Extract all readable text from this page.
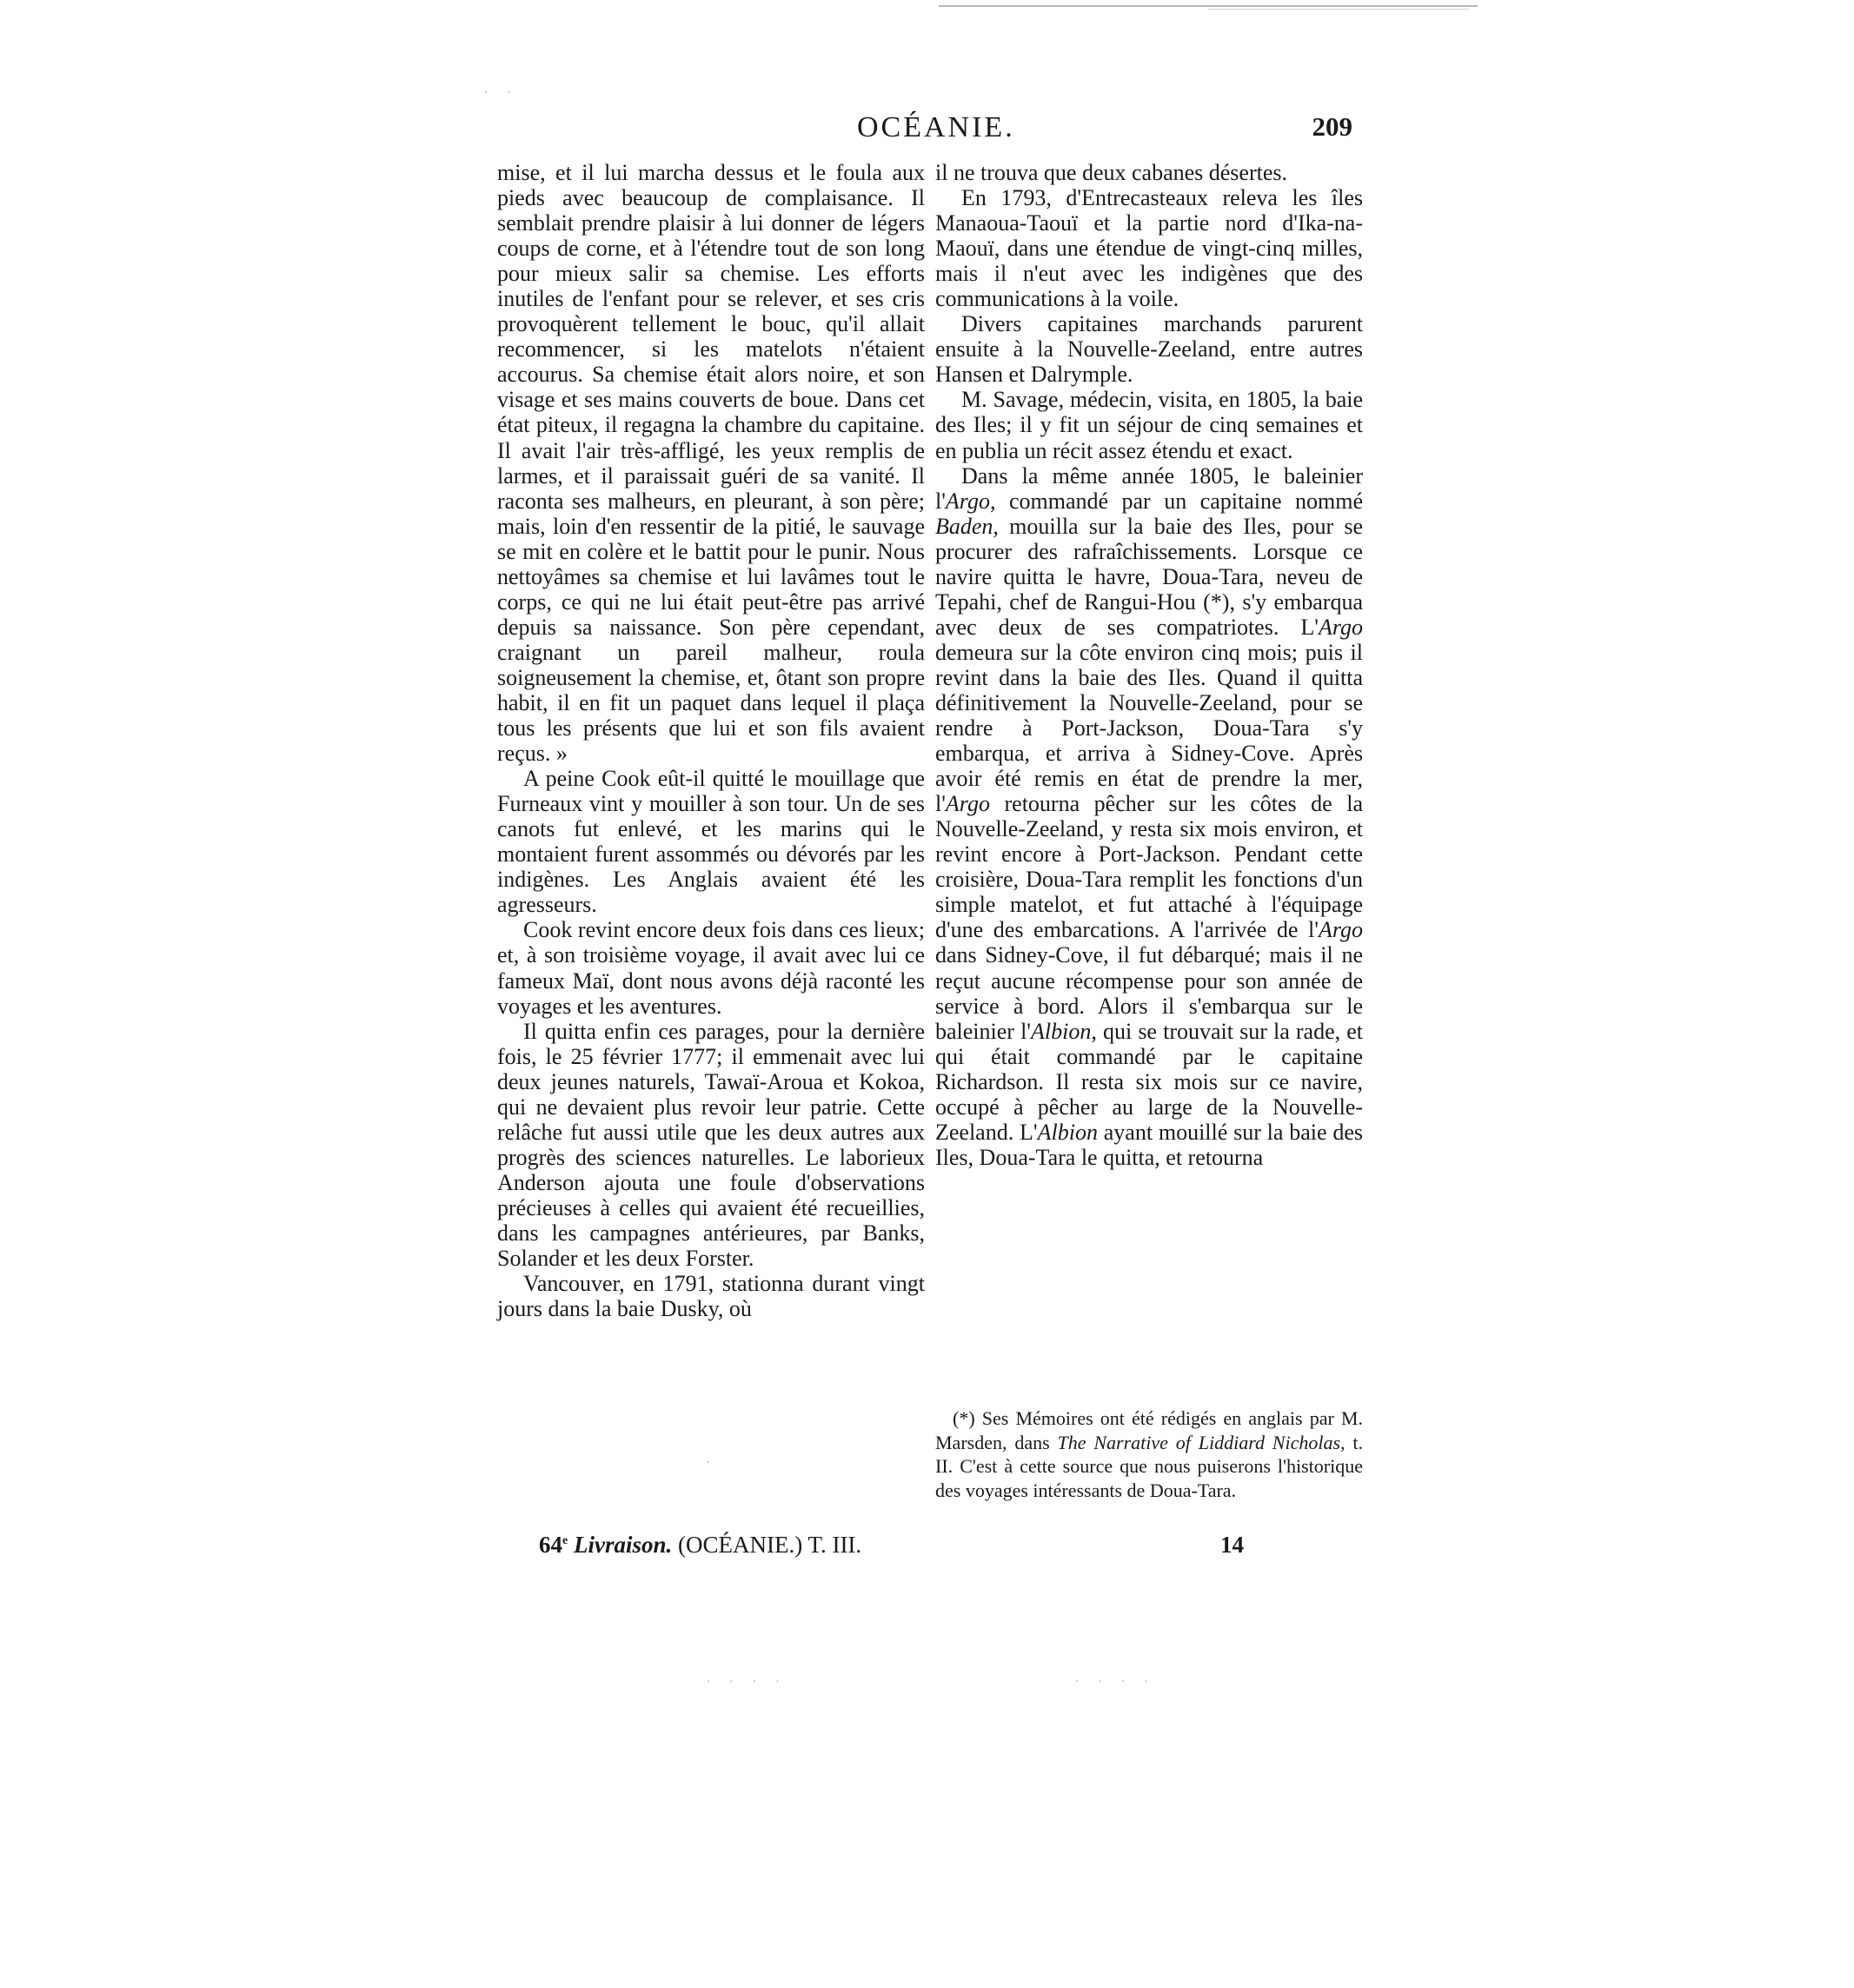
· ·
·
· · · ·	· · · ·
OCÉANIE.	209

mise, et il lui marcha dessus et le foula aux pieds avec beaucoup de complaisance. Il semblait prendre plaisir à lui donner de légers coups de corne, et à l'étendre tout de son long pour mieux salir sa chemise. Les efforts inutiles de l'enfant pour se relever, et ses cris provoquèrent tellement le bouc, qu'il allait recommencer, si les matelots n'étaient accourus. Sa chemise était alors noire, et son visage et ses mains couverts de boue. Dans cet état piteux, il regagna la chambre du capitaine. Il avait l'air très-affligé, les yeux remplis de larmes, et il paraissait guéri de sa vanité. Il raconta ses malheurs, en pleurant, à son père; mais, loin d'en ressentir de la pitié, le sauvage se mit en colère et le battit pour le punir. Nous nettoyâmes sa chemise et lui lavâmes tout le corps, ce qui ne lui était peut-être pas arrivé depuis sa naissance. Son père cependant, craignant un pareil malheur, roula soigneusement la chemise, et, ôtant son propre habit, il en fit un paquet dans lequel il plaça tous les présents que lui et son fils avaient reçus. »

A peine Cook eût-il quitté le mouillage que Furneaux vint y mouiller à son tour. Un de ses canots fut enlevé, et les marins qui le montaient furent assommés ou dévorés par les indigènes. Les Anglais avaient été les agresseurs.

Cook revint encore deux fois dans ces lieux; et, à son troisième voyage, il avait avec lui ce fameux Maï, dont nous avons déjà raconté les voyages et les aventures.

Il quitta enfin ces parages, pour la dernière fois, le 25 février 1777; il emmenait avec lui deux jeunes naturels, Tawaï-Aroua et Kokoa, qui ne devaient plus revoir leur patrie. Cette relâche fut aussi utile que les deux autres aux progrès des sciences naturelles. Le laborieux Anderson ajouta une foule d'observations précieuses à celles qui avaient été recueillies, dans les campagnes antérieures, par Banks, Solander et les deux Forster.

Vancouver, en 1791, stationna durant vingt jours dans la baie Dusky, où

il ne trouva que deux cabanes désertes.

En 1793, d'Entrecasteaux releva les îles Manaoua-Taouï et la partie nord d'Ika-na-Maouï, dans une étendue de vingt-cinq milles, mais il n'eut avec les indigènes que des communications à la voile.

Divers capitaines marchands parurent ensuite à la Nouvelle-Zeeland, entre autres Hansen et Dalrymple.

M. Savage, médecin, visita, en 1805, la baie des Iles; il y fit un séjour de cinq semaines et en publia un récit assez étendu et exact.

Dans la même année 1805, le baleinier l'Argo, commandé par un capitaine nommé Baden, mouilla sur la baie des Iles, pour se procurer des rafraîchissements. Lorsque ce navire quitta le havre, Doua-Tara, neveu de Tepahi, chef de Rangui-Hou (*), s'y embarqua avec deux de ses compatriotes. L'Argo demeura sur la côte environ cinq mois; puis il revint dans la baie des Iles. Quand il quitta définitivement la Nouvelle-Zeeland, pour se rendre à Port-Jackson, Doua-Tara s'y embarqua, et arriva à Sidney-Cove. Après avoir été remis en état de prendre la mer, l'Argo retourna pêcher sur les côtes de la Nouvelle-Zeeland, y resta six mois environ, et revint encore à Port-Jackson. Pendant cette croisière, Doua-Tara remplit les fonctions d'un simple matelot, et fut attaché à l'équipage d'une des embarcations. A l'arrivée de l'Argo dans Sidney-Cove, il fut débarqué; mais il ne reçut aucune récompense pour son année de service à bord. Alors il s'embarqua sur le baleinier l'Albion, qui se trouvait sur la rade, et qui était commandé par le capitaine Richardson. Il resta six mois sur ce navire, occupé à pêcher au large de la Nouvelle-Zeeland. L'Albion ayant mouillé sur la baie des Iles, Doua-Tara le quitta, et retourna

(*) Ses Mémoires ont été rédigés en anglais par M. Marsden, dans The Narrative of Liddiard Nicholas, t. II. C'est à cette source que nous puiserons l'historique des voyages intéressants de Doua-Tara.
64e Livraison. (OCÉANIE.) T. III.	14
